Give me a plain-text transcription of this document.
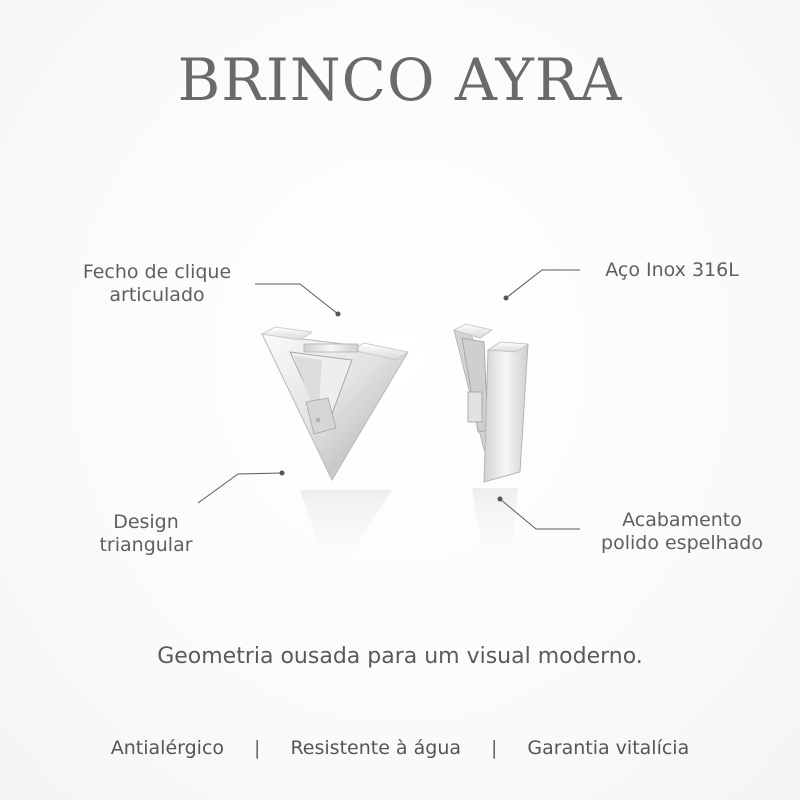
BRINCO AYRA
Fecho de clique
articulado
Aço Inox 316L
Design
triangular
Acabamento
polido espelhado
Geometria ousada para um visual moderno.
Antialérgico | Resistente à água | Garantia vitalícia
